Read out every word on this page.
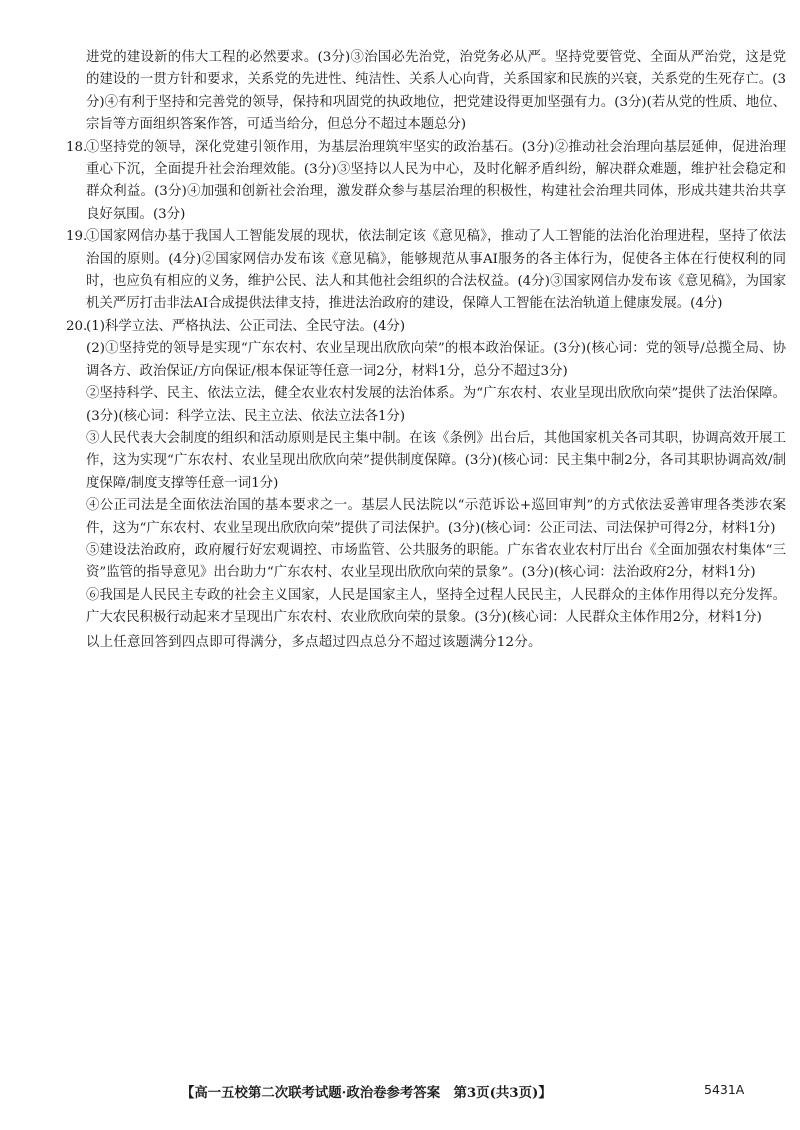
进党的建设新的伟大工程的必然要求。(3分)③治国必先治党，治党务必从严。坚持党要管党、全面从严治党，这是党的建设的一贯方针和要求，关系党的先进性、纯洁性、关系人心向背，关系国家和民族的兴衰，关系党的生死存亡。(3分)④有利于坚持和完善党的领导，保持和巩固党的执政地位，把党建设得更加坚强有力。(3分)(若从党的性质、地位、宗旨等方面组织答案作答，可适当给分，但总分不超过本题总分)

18.

①坚持党的领导，深化党建引领作用，为基层治理筑牢坚实的政治基石。(3分)②推动社会治理向基层延伸，促进治理重心下沉，全面提升社会治理效能。(3分)③坚持以人民为中心，及时化解矛盾纠纷，解决群众难题，维护社会稳定和群众利益。(3分)④加强和创新社会治理，激发群众参与基层治理的积极性，构建社会治理共同体，形成共建共治共享良好氛围。(3分)

19.

①国家网信办基于我国人工智能发展的现状，依法制定该《意见稿》，推动了人工智能的法治化治理进程，坚持了依法治国的原则。(4分)②国家网信办发布该《意见稿》，能够规范从事AI服务的各主体行为，促使各主体在行使权利的同时，也应负有相应的义务，维护公民、法人和其他社会组织的合法权益。(4分)③国家网信办发布该《意见稿》，为国家机关严厉打击非法AI合成提供法律支持，推进法治政府的建设，保障人工智能在法治轨道上健康发展。(4分)

20.

(1)科学立法、严格执法、公正司法、全民守法。(4分)

(2)①坚持党的领导是实现“广东农村、农业呈现出欣欣向荣”的根本政治保证。(3分)(核心词：党的领导/总揽全局、协调各方、政治保证/方向保证/根本保证等任意一词2分，材料1分，总分不超过3分)

②坚持科学、民主、依法立法，健全农业农村发展的法治体系。为“广东农村、农业呈现出欣欣向荣”提供了法治保障。(3分)(核心词：科学立法、民主立法、依法立法各1分)

③人民代表大会制度的组织和活动原则是民主集中制。在该《条例》出台后，其他国家机关各司其职，协调高效开展工作，这为实现“广东农村、农业呈现出欣欣向荣”提供制度保障。(3分)(核心词：民主集中制2分，各司其职协调高效/制度保障/制度支撑等任意一词1分)

④公正司法是全面依法治国的基本要求之一。基层人民法院以“示范诉讼+巡回审判”的方式依法妥善审理各类涉农案件，这为“广东农村、农业呈现出欣欣向荣”提供了司法保护。(3分)(核心词：公正司法、司法保护可得2分，材料1分)

⑤建设法治政府，政府履行好宏观调控、市场监管、公共服务的职能。广东省农业农村厅出台《全面加强农村集体“三资”监管的指导意见》出台助力“广东农村、农业呈现出欣欣向荣的景象”。(3分)(核心词：法治政府2分，材料1分)

⑥我国是人民民主专政的社会主义国家，人民是国家主人，坚持全过程人民民主，人民群众的主体作用得以充分发挥。广大农民积极行动起来才呈现出广东农村、农业欣欣向荣的景象。(3分)(核心词：人民群众主体作用2分，材料1分)

以上任意回答到四点即可得满分，多点超过四点总分不超过该题满分12分。

【高一五校第二次联考试题·政治卷参考答案　第3页(共3页)】	5431A
